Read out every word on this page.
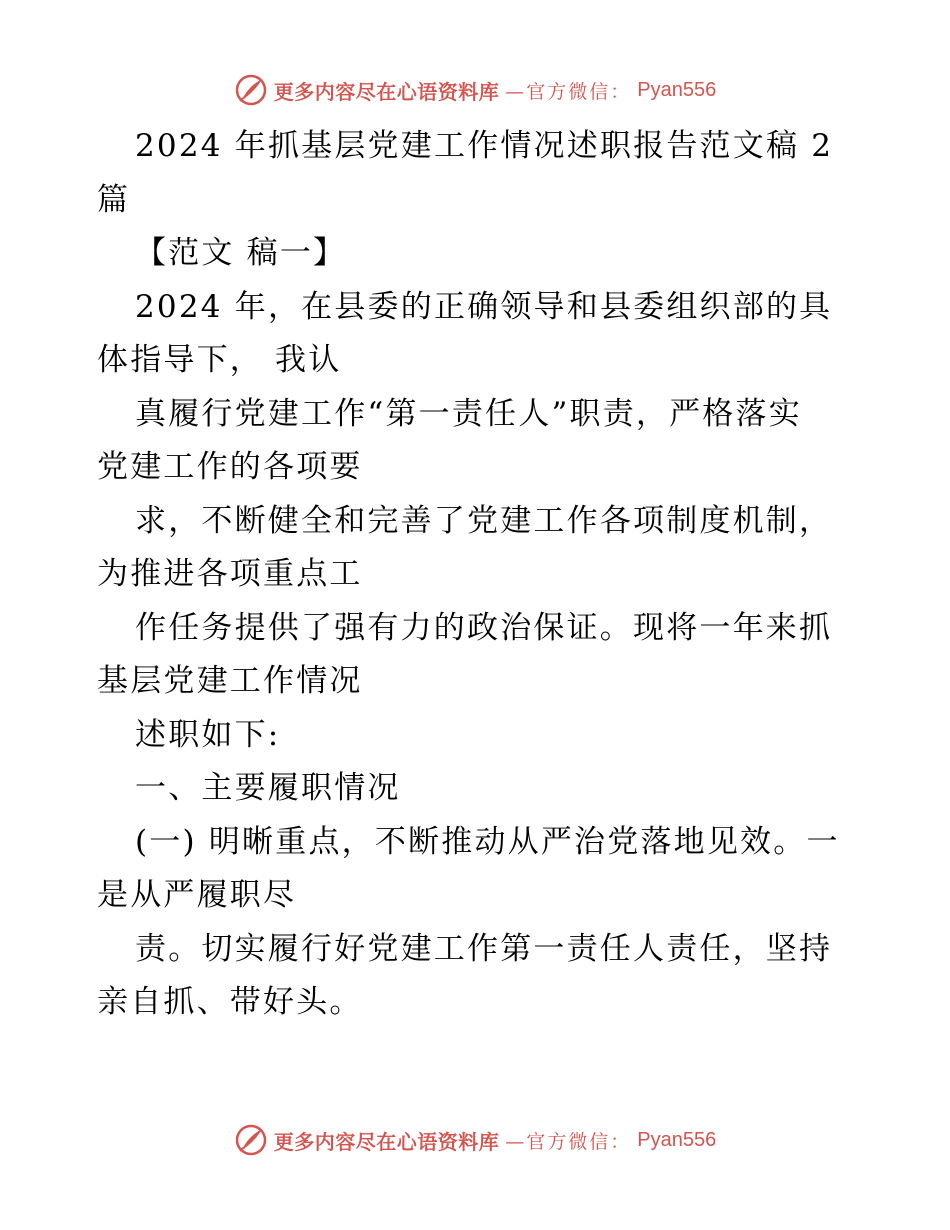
更多内容尽在心语资料库 —官方微信： Pyan556
2024 年抓基层党建工作情况述职报告范文稿 2
篇
【范文 稿一】
2024 年，在县委的正确领导和县委组织部的具
体指导下， 我认
真履行党建工作“第一责任人”职责，严格落实
党建工作的各项要
求，不断健全和完善了党建工作各项制度机制，
为推进各项重点工
作任务提供了强有力的政治保证。现将一年来抓
基层党建工作情况
述职如下:
一、主要履职情况
(一) 明晰重点，不断推动从严治党落地见效。一
是从严履职尽
责。切实履行好党建工作第一责任人责任，坚持
亲自抓、带好头。
更多内容尽在心语资料库 —官方微信： Pyan556
